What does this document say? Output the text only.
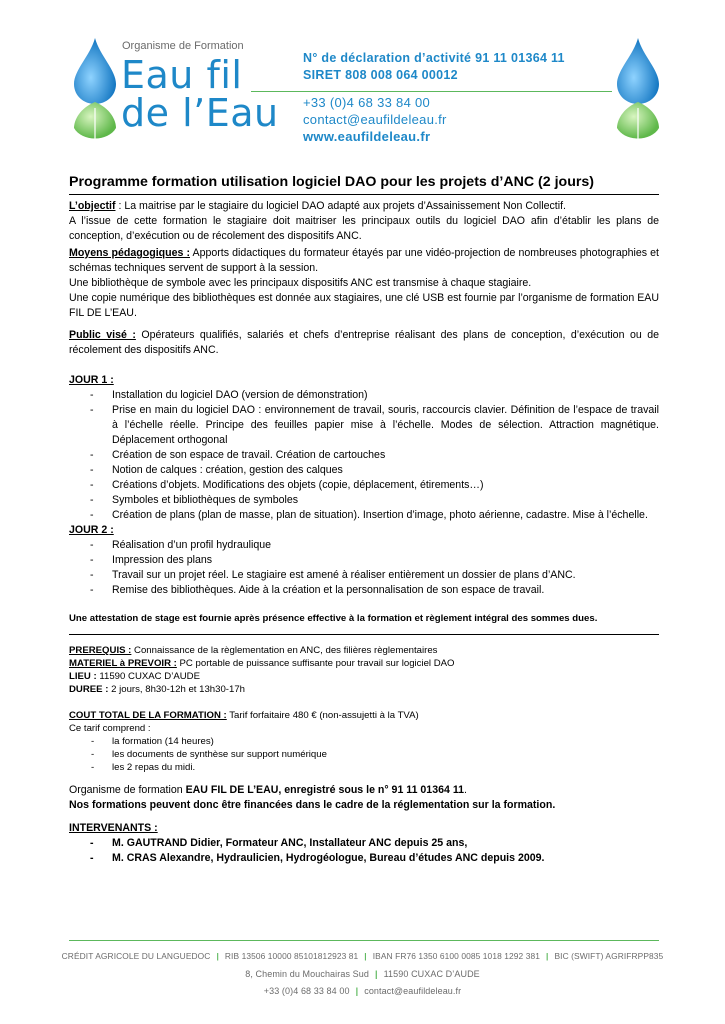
Organisme de Formation
Eau fil
de l’Eau
N° de déclaration d’activité 91 11 01364 11
SIRET 808 008 064 00012
+33 (0)4 68 33 84 00
contact@eaufildeleau.fr
www.eaufildeleau.fr
Programme formation utilisation logiciel DAO pour les projets d’ANC (2 jours)

L’objectif : La maitrise par le stagiaire du logiciel DAO adapté aux projets d’Assainissement Non Collectif.

A l’issue de cette formation le stagiaire doit maitriser les principaux outils du logiciel DAO afin d’établir les plans de conception, d’exécution ou de récolement des dispositifs ANC.

Moyens pédagogiques : Apports didactiques du formateur étayés par une vidéo-projection de nombreuses photographies et schémas techniques servent de support à la session.

Une bibliothèque de symbole avec les principaux dispositifs ANC est transmise à chaque stagiaire.

Une copie numérique des bibliothèques est donnée aux stagiaires, une clé USB est fournie par l’organisme de formation EAU FIL DE L’EAU.

Public visé : Opérateurs qualifiés, salariés et chefs d’entreprise réalisant des plans de conception, d’exécution ou de récolement des dispositifs ANC.

JOUR 1 :

- Installation du logiciel DAO (version de démonstration)
- Prise en main du logiciel DAO : environnement de travail, souris, raccourcis clavier. Définition de l’espace de travail à l’échelle réelle. Principe des feuilles papier mise à l’échelle. Modes de sélection. Attraction magnétique. Déplacement orthogonal
- Création de son espace de travail. Création de cartouches
- Notion de calques : création, gestion des calques
- Créations d’objets. Modifications des objets (copie, déplacement, étirements…)
- Symboles et bibliothèques de symboles
- Création de plans (plan de masse, plan de situation). Insertion d’image, photo aérienne, cadastre. Mise à l’échelle.

JOUR 2 :

- Réalisation d’un profil hydraulique
- Impression des plans
- Travail sur un projet réel. Le stagiaire est amené à réaliser entièrement un dossier de plans d’ANC.
- Remise des bibliothèques. Aide à la création et la personnalisation de son espace de travail.

Une attestation de stage est fournie après présence effective à la formation et règlement intégral des sommes dues.

PREREQUIS : Connaissance de la règlementation en ANC, des filières règlementaires

MATERIEL à PREVOIR : PC portable de puissance suffisante pour travail sur logiciel DAO

LIEU : 11590 CUXAC D’AUDE

DUREE : 2 jours, 8h30-12h et 13h30-17h

COUT TOTAL DE LA FORMATION : Tarif forfaitaire 480 € (non-assujetti à la TVA)

Ce tarif comprend :

- la formation (14 heures)
- les documents de synthèse sur support numérique
- les 2 repas du midi.

Organisme de formation EAU FIL DE L’EAU, enregistré sous le n° 91 11 01364 11.

Nos formations peuvent donc être financées dans le cadre de la réglementation sur la formation.

INTERVENANTS :

- M. GAUTRAND Didier, Formateur ANC, Installateur ANC depuis 25 ans,
- M. CRAS Alexandre, Hydraulicien, Hydrogéologue, Bureau d’études ANC depuis 2009.
CRÉDIT AGRICOLE DU LANGUEDOC | RIB 13506 10000 85101812923 81 | IBAN FR76 1350 6100 0085 1018 1292 381 | BIC (SWIFT) AGRIFRPP835
8, Chemin du Mouchairas Sud | 11590 CUXAC D’AUDE
+33 (0)4 68 33 84 00 | contact@eaufildeleau.fr
